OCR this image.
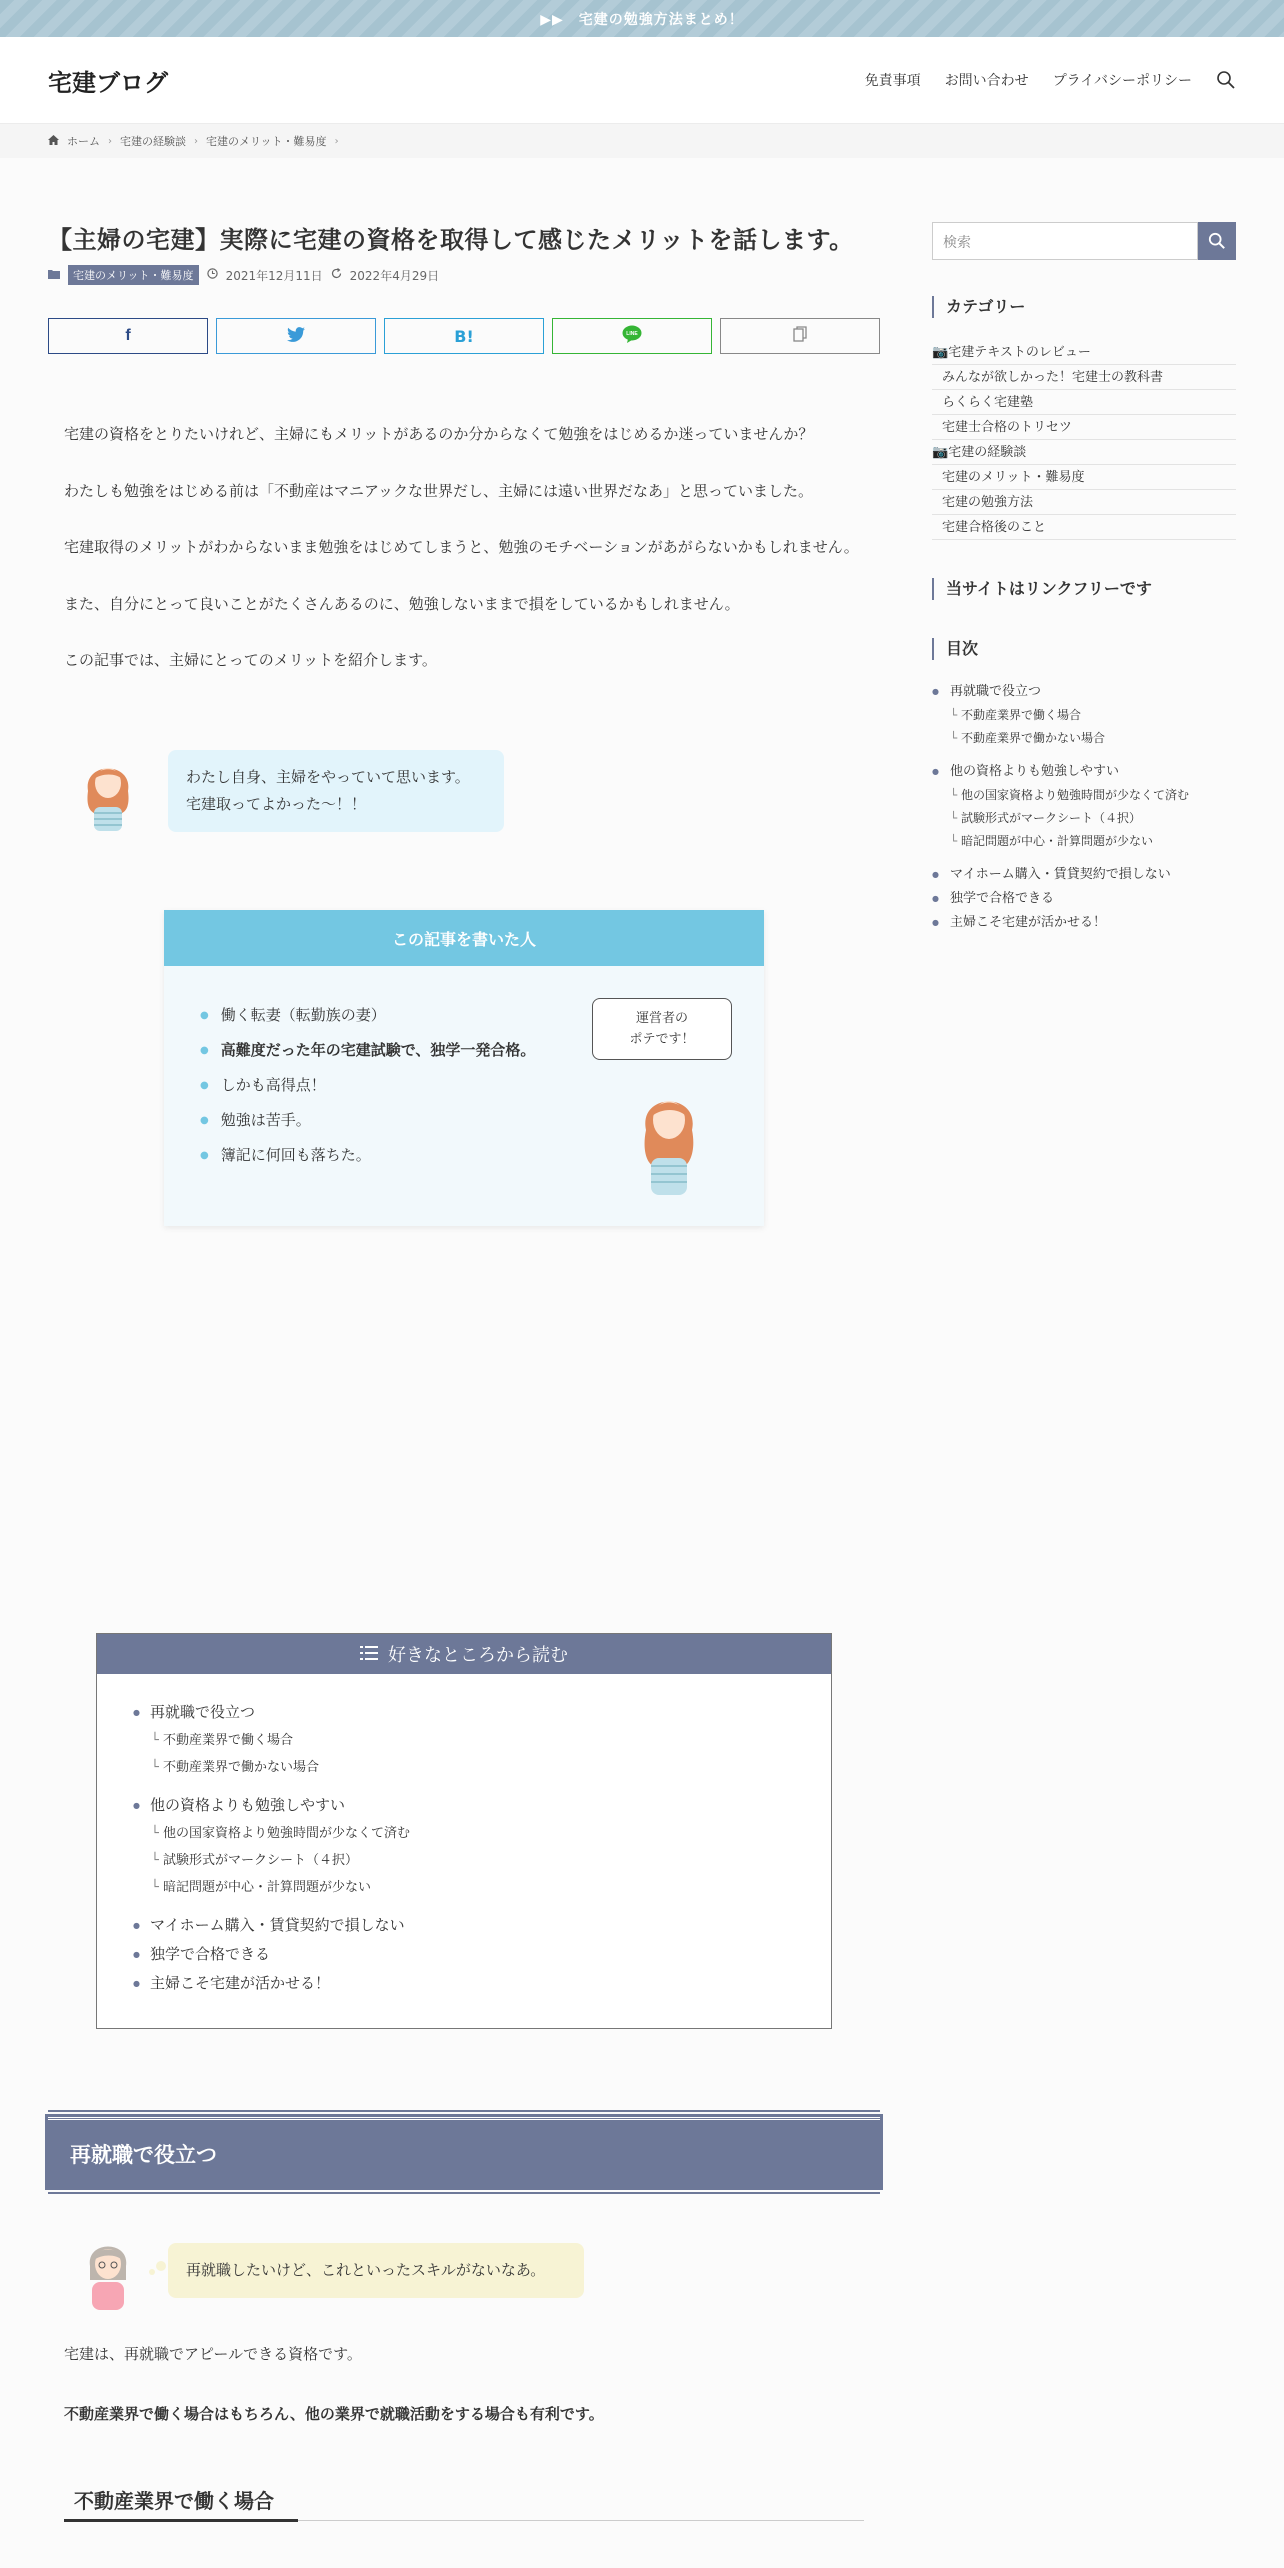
▶▶　宅建の勉強方法まとめ！
宅建ブログ	免責事項 お問い合わせ プライバシーポリシー
ホーム › 宅建の経験談 › 宅建のメリット・難易度 ›
【主婦の宅建】実際に宅建の資格を取得して感じたメリットを話します。
宅建のメリット・難易度	2021年12月11日 2022年4月29日
f	B!	LINE

宅建の資格をとりたいけれど、主婦にもメリットがあるのか分からなくて勉強をはじめるか迷っていませんか？

わたしも勉強をはじめる前は「不動産はマニアックな世界だし、主婦には遠い世界だなあ」と思っていました。

宅建取得のメリットがわからないまま勉強をはじめてしまうと、勉強のモチベーションがあがらないかもしれません。

また、自分にとって良いことがたくさんあるのに、勉強しないままで損をしているかもしれません。

この記事では、主婦にとってのメリットを紹介します。

わたし自身、主婦をやっていて思います。
宅建取ってよかった～！！
この記事を書いた人
● 働く転妻（転勤族の妻）
● 高難度だった年の宅建試験で、独学一発合格。
● しかも高得点！
● 勉強は苦手。
● 簿記に何回も落ちた。
運営者の
ポテです！
好きなところから読む
● 再就職で役立つ
└ 不動産業界で働く場合
└ 不動産業界で働かない場合
● 他の資格よりも勉強しやすい
└ 他の国家資格より勉強時間が少なくて済む
└ 試験形式がマークシート（４択）
└ 暗記問題が中心・計算問題が少ない
● マイホーム購入・賃貸契約で損しない
● 独学で合格できる
● 主婦こそ宅建が活かせる！
再就職で役立つ
再就職したいけど、これといったスキルがないなあ。
宅建は、再就職でアピールできる資格です。
不動産業界で働く場合はもちろん、他の業界で就職活動をする場合も有利です。
不動産業界で働く場合
検索
カテゴリー
📷宅建テキストのレビュー
みんなが欲しかった！宅建士の教科書
らくらく宅建塾
宅建士合格のトリセツ
📷宅建の経験談
宅建のメリット・難易度
宅建の勉強方法
宅建合格後のこと
当サイトはリンクフリーです
目次
● 再就職で役立つ
└ 不動産業界で働く場合
└ 不動産業界で働かない場合
● 他の資格よりも勉強しやすい
└ 他の国家資格より勉強時間が少なくて済む
└ 試験形式がマークシート（４択）
└ 暗記問題が中心・計算問題が少ない
● マイホーム購入・賃貸契約で損しない
● 独学で合格できる
● 主婦こそ宅建が活かせる！
